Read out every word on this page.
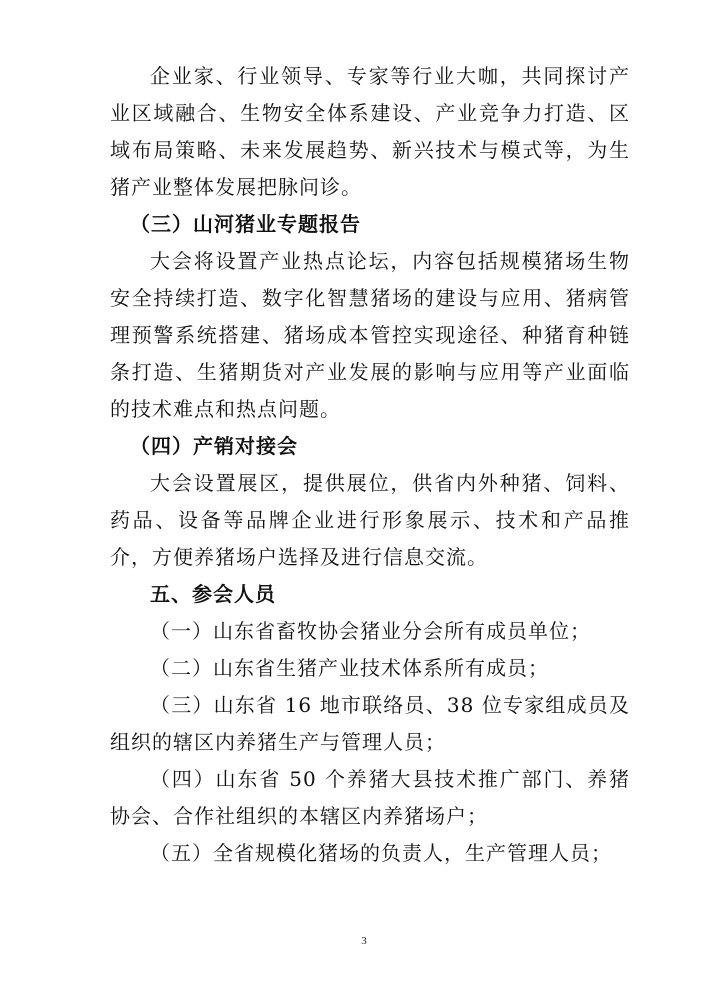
企业家、行业领导、专家等行业大咖，共同探讨产业区域融合、生物安全体系建设、产业竞争力打造、区域布局策略、未来发展趋势、新兴技术与模式等，为生猪产业整体发展把脉问诊。

（三）山河猪业专题报告

大会将设置产业热点论坛，内容包括规模猪场生物安全持续打造、数字化智慧猪场的建设与应用、猪病管理预警系统搭建、猪场成本管控实现途径、种猪育种链条打造、生猪期货对产业发展的影响与应用等产业面临的技术难点和热点问题。

（四）产销对接会

大会设置展区，提供展位，供省内外种猪、饲料、药品、设备等品牌企业进行形象展示、技术和产品推介，方便养猪场户选择及进行信息交流。

五、参会人员

（一）山东省畜牧协会猪业分会所有成员单位；

（二）山东省生猪产业技术体系所有成员；

（三）山东省 16 地市联络员、38 位专家组成员及组织的辖区内养猪生产与管理人员；

（四）山东省 50 个养猪大县技术推广部门、养猪协会、合作社组织的本辖区内养猪场户；

（五）全省规模化猪场的负责人，生产管理人员；

3
